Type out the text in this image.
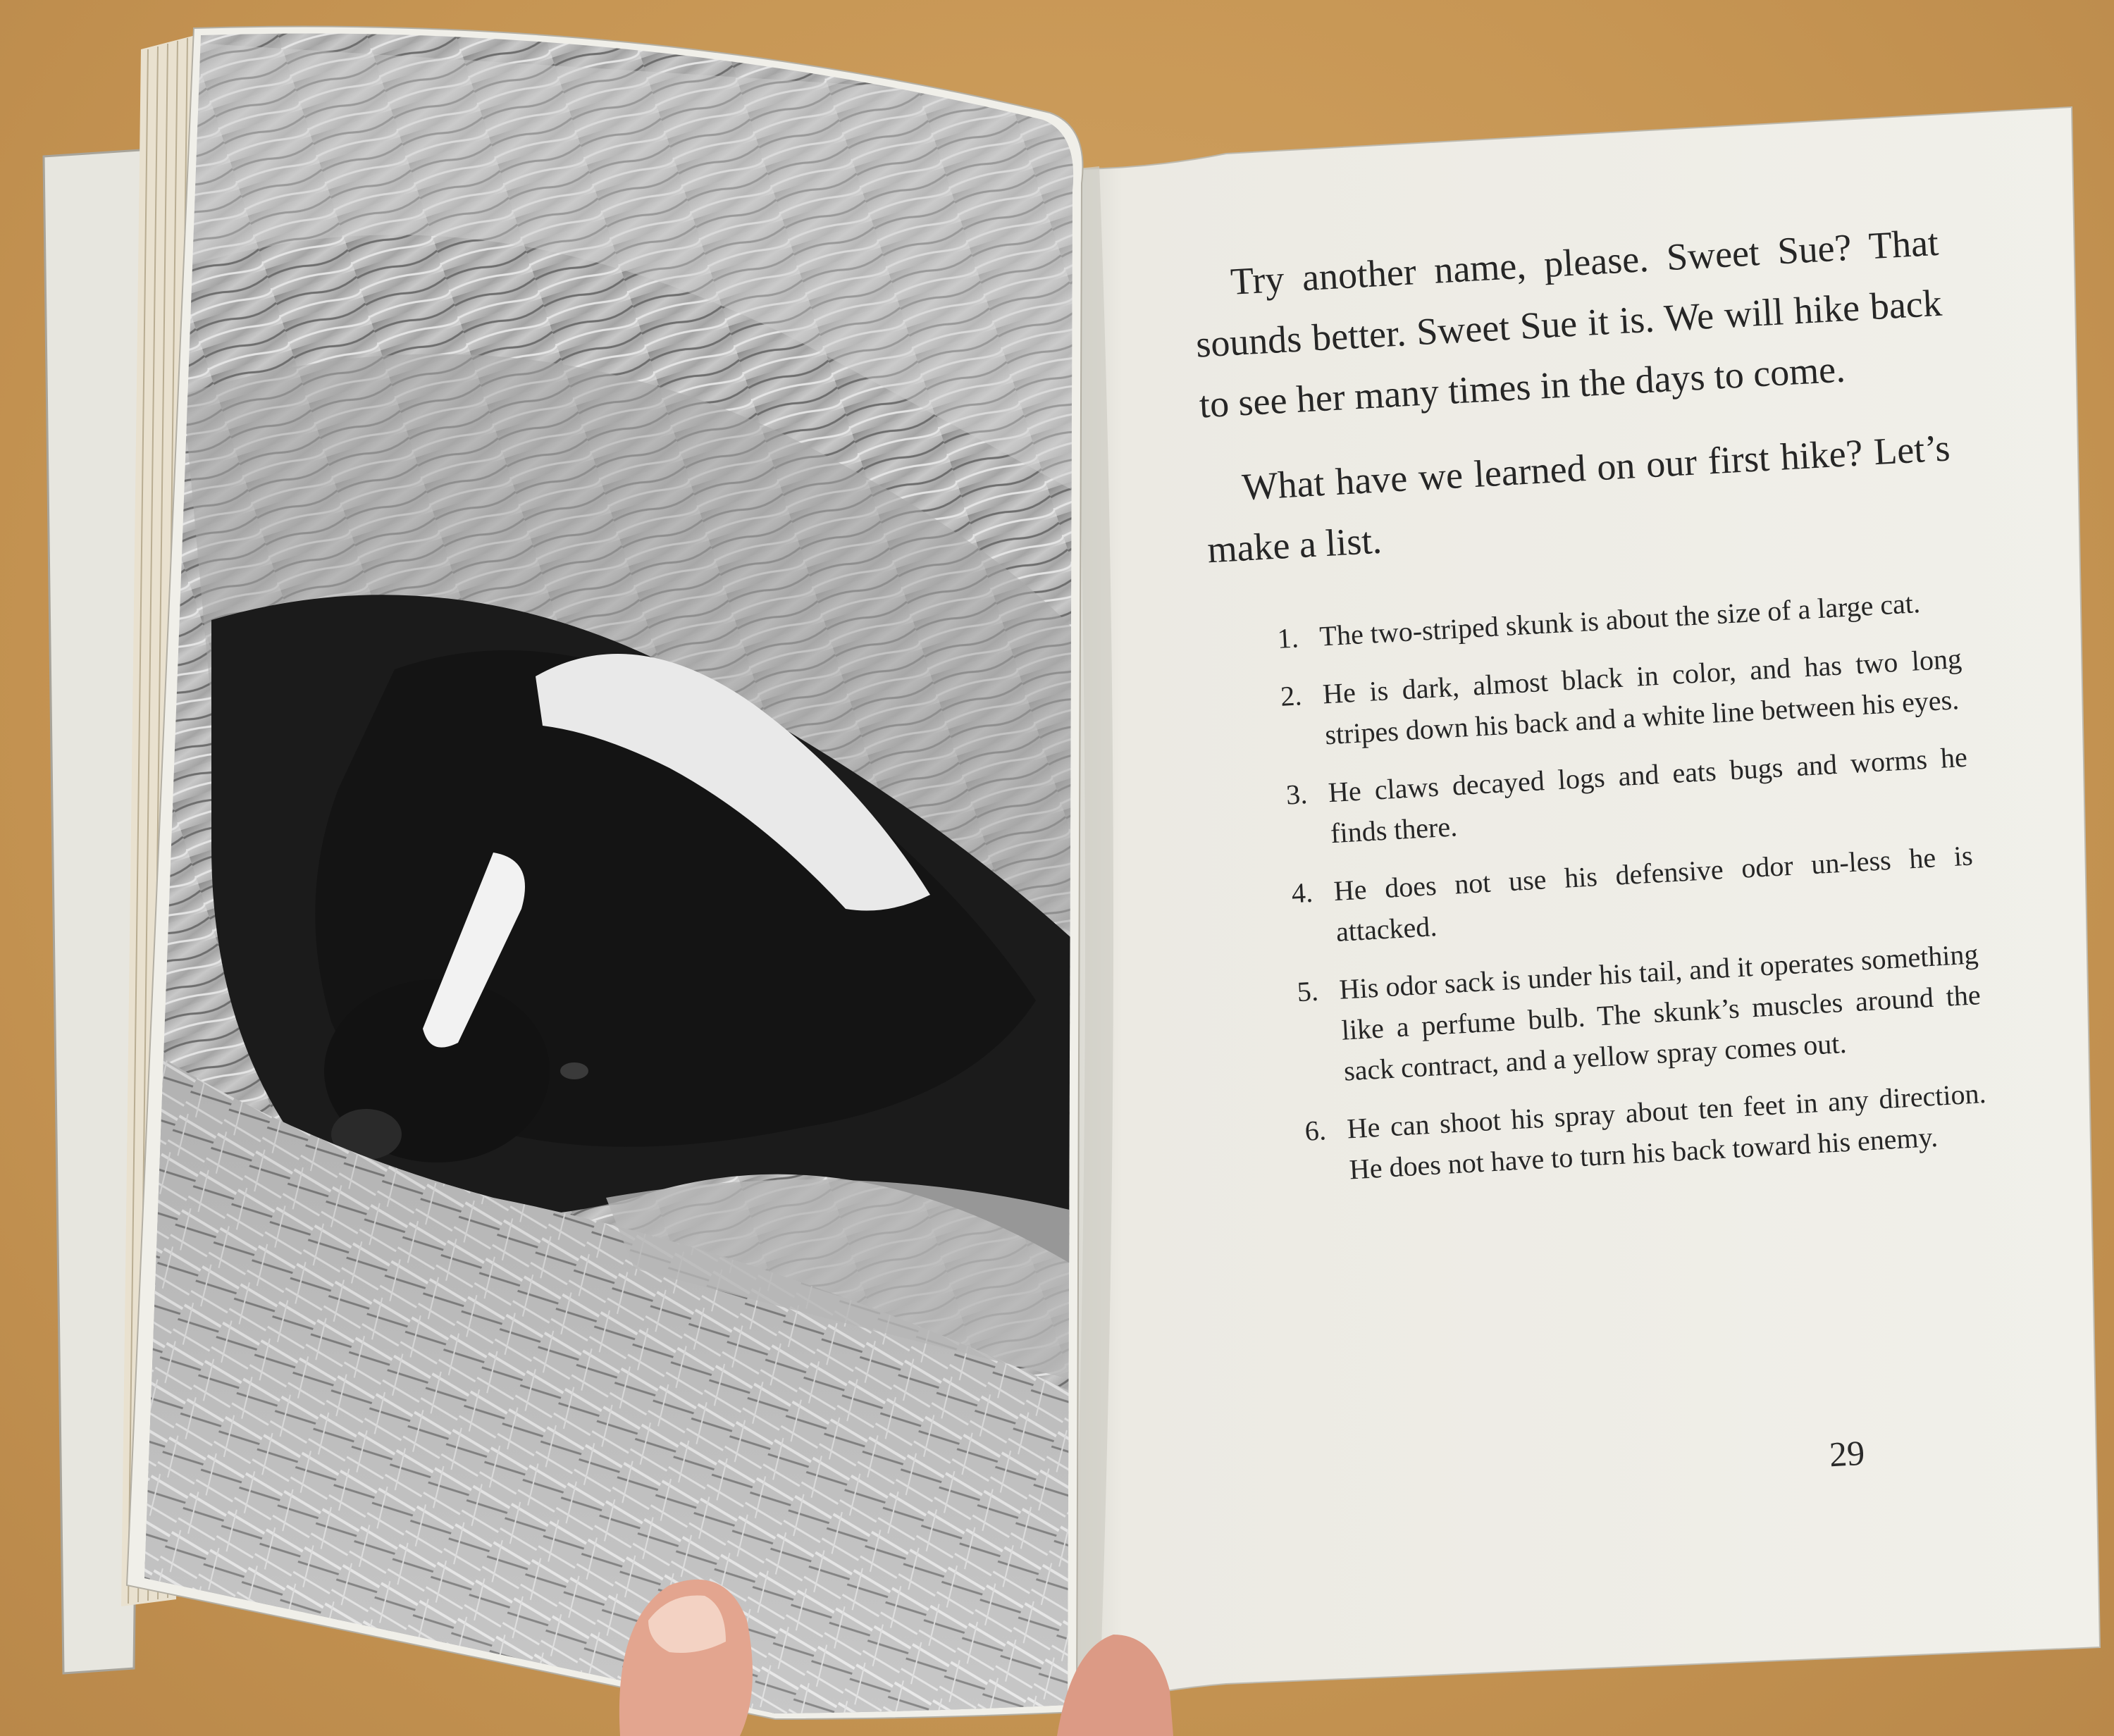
Try another name, please. Sweet Sue? That sounds better. Sweet Sue it is. We will hike back to see her many times in the days to come.

What have we learned on our first hike? Let’s make a list.

1. The two-striped skunk is about the size of a large cat.
2. He is dark, almost black in color, and has two long stripes down his back and a white line between his eyes.
3. He claws decayed logs and eats bugs and worms he finds there.
4. He does not use his defensive odor un-less he is attacked.
5. His odor sack is under his tail, and it operates something like a perfume bulb. The skunk’s muscles around the sack contract, and a yellow spray comes out.
6. He can shoot his spray about ten feet in any direction. He does not have to turn his back toward his enemy.
29
